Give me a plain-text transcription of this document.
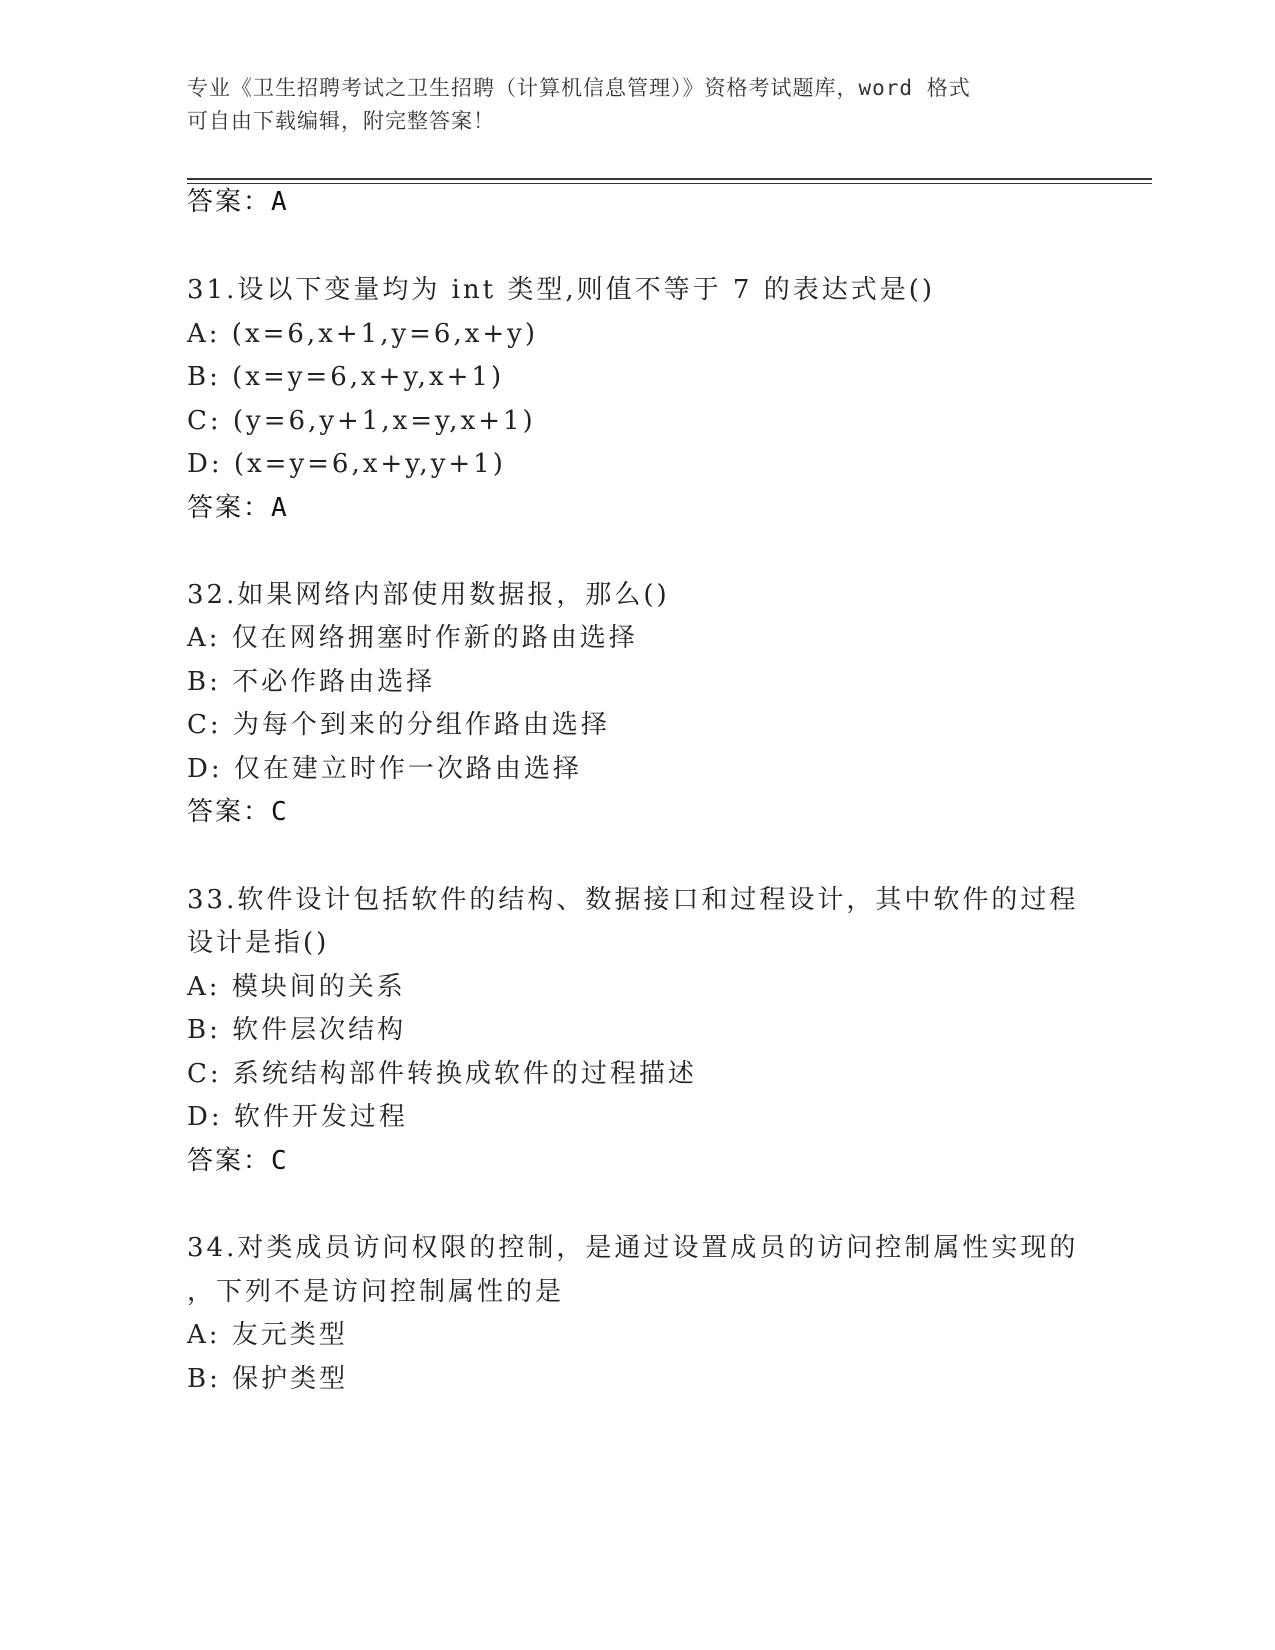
专业《卫生招聘考试之卫生招聘（计算机信息管理）》资格考试题库，word 格式
可自由下载编辑，附完整答案！
答案：A
31.设以下变量均为 int 类型,则值不等于 7 的表达式是()
A: (x=6,x+1,y=6,x+y)
B: (x=y=6,x+y,x+1)
C: (y=6,y+1,x=y,x+1)
D: (x=y=6,x+y,y+1)
答案：A
32.如果网络内部使用数据报，那么()
A: 仅在网络拥塞时作新的路由选择
B: 不必作路由选择
C: 为每个到来的分组作路由选择
D: 仅在建立时作一次路由选择
答案：C
33.软件设计包括软件的结构、数据接口和过程设计，其中软件的过程
设计是指()
A: 模块间的关系
B: 软件层次结构
C: 系统结构部件转换成软件的过程描述
D: 软件开发过程
答案：C
34.对类成员访问权限的控制，是通过设置成员的访问控制属性实现的
，下列不是访问控制属性的是
A: 友元类型
B: 保护类型
